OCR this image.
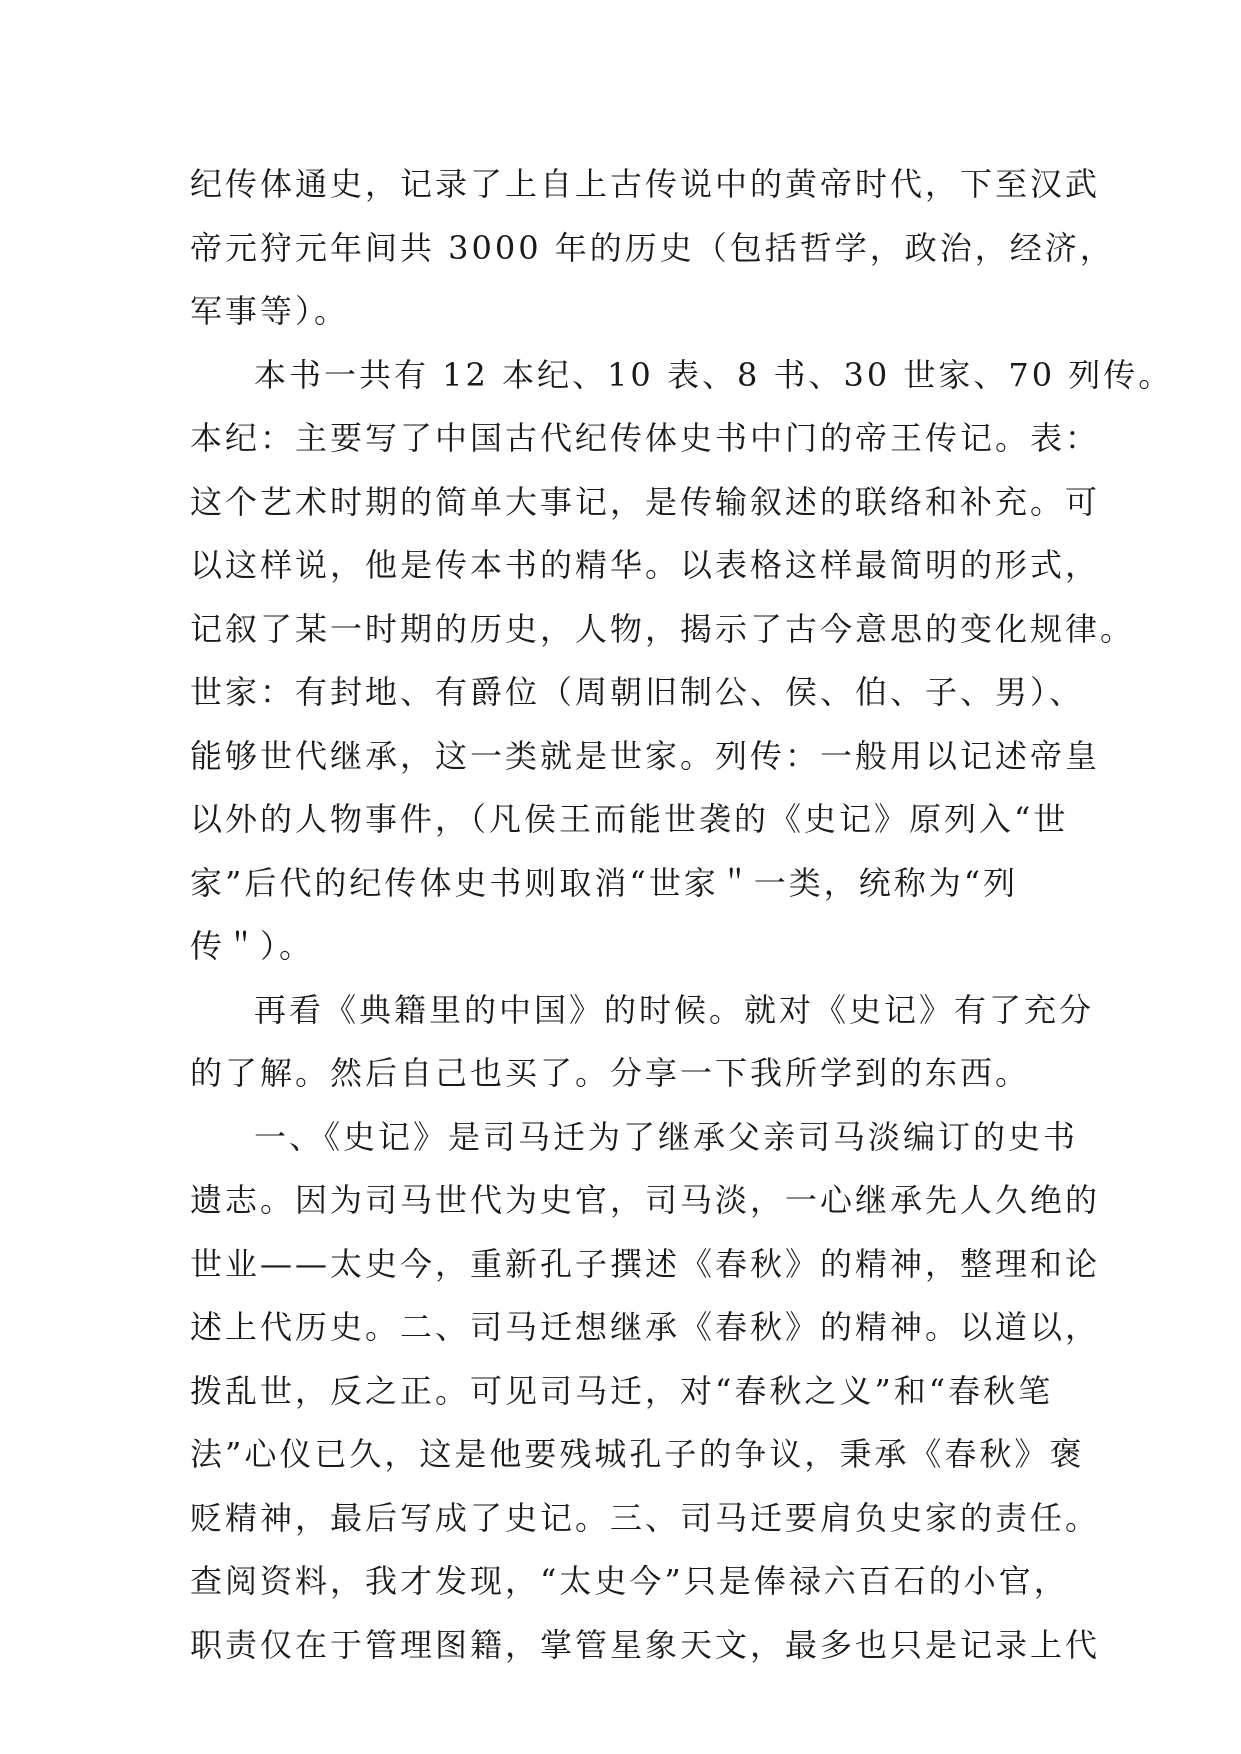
纪传体通史，记录了上自上古传说中的黄帝时代，下至汉武
帝元狩元年间共 3000 年的历史（包括哲学，政治，经济，
军事等）。
本书一共有 12 本纪、10 表、8 书、30 世家、70 列传。
本纪：主要写了中国古代纪传体史书中门的帝王传记。表：
这个艺术时期的简单大事记，是传输叙述的联络和补充。可
以这样说，他是传本书的精华。以表格这样最简明的形式，
记叙了某一时期的历史，人物，揭示了古今意思的变化规律。
世家：有封地、有爵位（周朝旧制公、侯、伯、子、男）、
能够世代继承，这一类就是世家。列传：一般用以记述帝皇
以外的人物事件，（凡侯王而能世袭的《史记》原列入“世
家”后代的纪传体史书则取消“世家＂一类，统称为“列
传＂）。
再看《典籍里的中国》的时候。就对《史记》有了充分
的了解。然后自己也买了。分享一下我所学到的东西。
一、《史记》是司马迁为了继承父亲司马淡编订的史书
遗志。因为司马世代为史官，司马淡，一心继承先人久绝的
世业——太史今，重新孔子撰述《春秋》的精神，整理和论
述上代历史。二、司马迁想继承《春秋》的精神。以道以，
拨乱世，反之正。可见司马迁，对“春秋之义”和“春秋笔
法”心仪已久，这是他要残城孔子的争议，秉承《春秋》褒
贬精神，最后写成了史记。三、司马迁要肩负史家的责任。
查阅资料，我才发现，“太史今”只是俸禄六百石的小官，
职责仅在于管理图籍，掌管星象天文，最多也只是记录上代
